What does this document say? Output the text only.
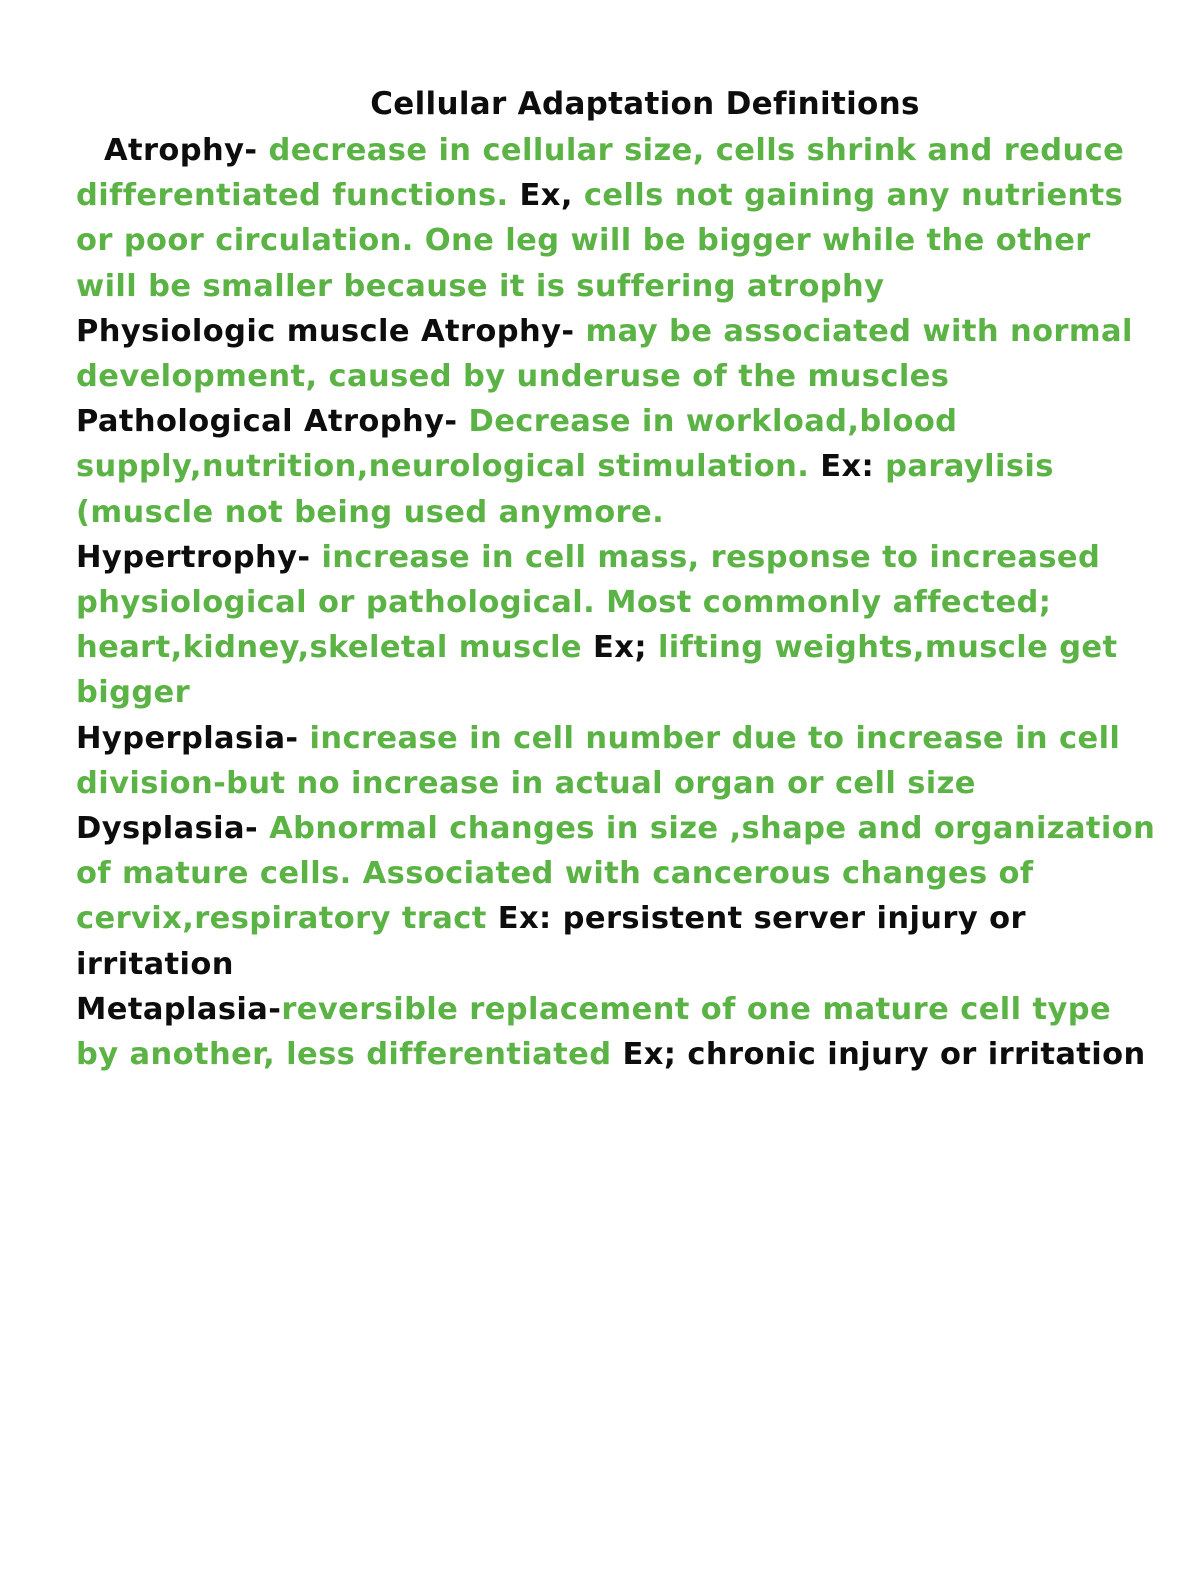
Cellular Adaptation Definitions

Atrophy- decrease in cellular size, cells shrink and reduce differentiated functions. Ex, cells not gaining any nutrients or poor circulation. One leg will be bigger while the other will be smaller because it is suffering atrophy

Physiologic muscle Atrophy- may be associated with normal development, caused by underuse of the muscles

Pathological Atrophy- Decrease in workload,blood supply,nutrition,neurological stimulation. Ex: paraylisis (muscle not being used anymore.

Hypertrophy- increase in cell mass, response to increased physiological or pathological. Most commonly affected; heart,kidney,skeletal muscle Ex; lifting weights,muscle get bigger

Hyperplasia- increase in cell number due to increase in cell division-but no increase in actual organ or cell size

Dysplasia- Abnormal changes in size ,shape and organization of mature cells. Associated with cancerous changes of cervix,respiratory tract Ex: persistent server injury or irritation

Metaplasia-reversible replacement of one mature cell type by another, less differentiated Ex; chronic injury or irritation
